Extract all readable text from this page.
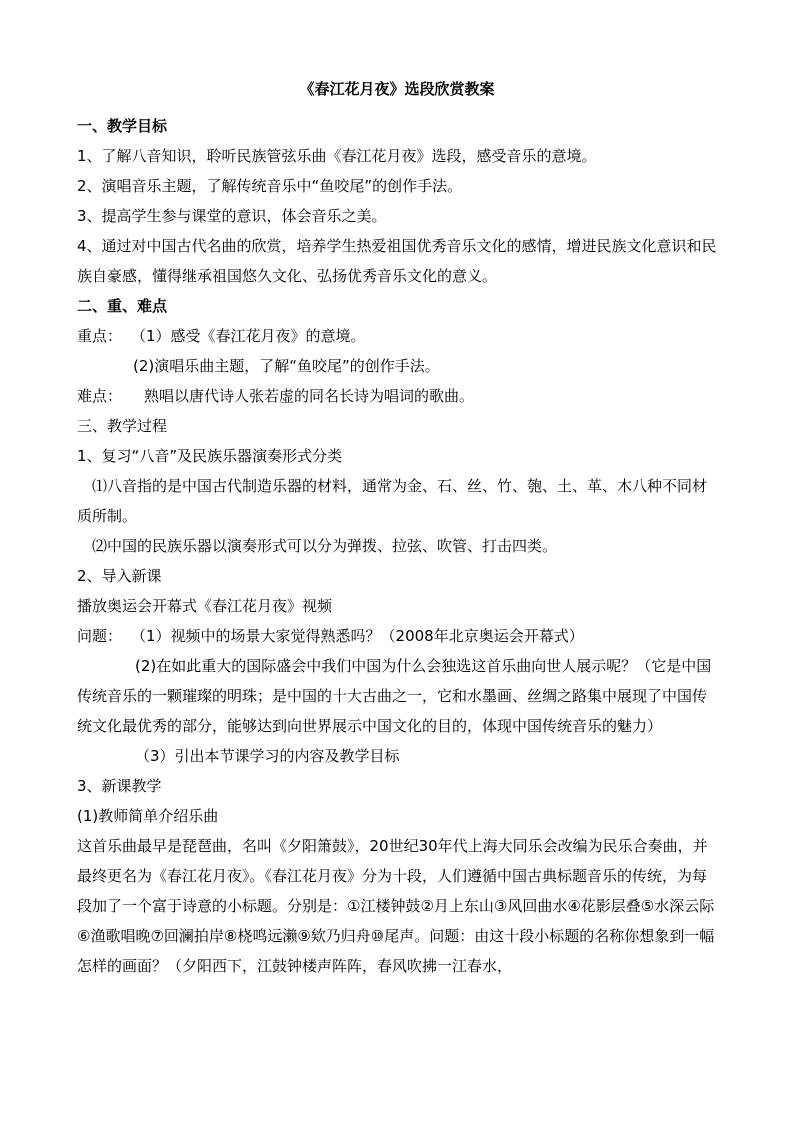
《春江花月夜》选段欣赏教案

一、教学目标

1、了解八音知识，聆听民族管弦乐曲《春江花月夜》选段，感受音乐的意境。

2、演唱音乐主题，了解传统音乐中“鱼咬尾”的创作手法。

3、提高学生参与课堂的意识，体会音乐之美。

4、通过对中国古代名曲的欣赏，培养学生热爱祖国优秀音乐文化的感情，增进民族文化意识和民族自豪感，懂得继承祖国悠久文化、弘扬优秀音乐文化的意义。

二、重、难点

重点： （1）感受《春江花月夜》的意境。

(2)演唱乐曲主题，了解“鱼咬尾”的创作手法。

难点： 熟唱以唐代诗人张若虚的同名长诗为唱词的歌曲。

三、教学过程

1、复习“八音”及民族乐器演奏形式分类

⑴八音指的是中国古代制造乐器的材料，通常为金、石、丝、竹、匏、土、革、木八种不同材质所制。

⑵中国的民族乐器以演奏形式可以分为弹拨、拉弦、吹管、打击四类。

2、导入新课

播放奥运会开幕式《春江花月夜》视频

问题： （1）视频中的场景大家觉得熟悉吗？（2008年北京奥运会开幕式）

(2)在如此重大的国际盛会中我们中国为什么会独选这首乐曲向世人展示呢？（它是中国传统音乐的一颗璀璨的明珠；是中国的十大古曲之一，它和水墨画、丝绸之路集中展现了中国传统文化最优秀的部分，能够达到向世界展示中国文化的目的，体现中国传统音乐的魅力）

（3）引出本节课学习的内容及教学目标

3、新课教学

(1)教师简单介绍乐曲

这首乐曲最早是琵琶曲，名叫《夕阳箫鼓》，20世纪30年代上海大同乐会改编为民乐合奏曲，并最终更名为《春江花月夜》。《春江花月夜》分为十段，人们遵循中国古典标题音乐的传统，为每段加了一个富于诗意的小标题。分别是：①江楼钟鼓②月上东山③风回曲水④花影层叠⑤水深云际⑥渔歌唱晚⑦回澜拍岸⑧桡鸣远濑⑨欸乃归舟⑩尾声。问题：由这十段小标题的名称你想象到一幅怎样的画面？（夕阳西下，江鼓钟楼声阵阵，春风吹拂一江春水，
